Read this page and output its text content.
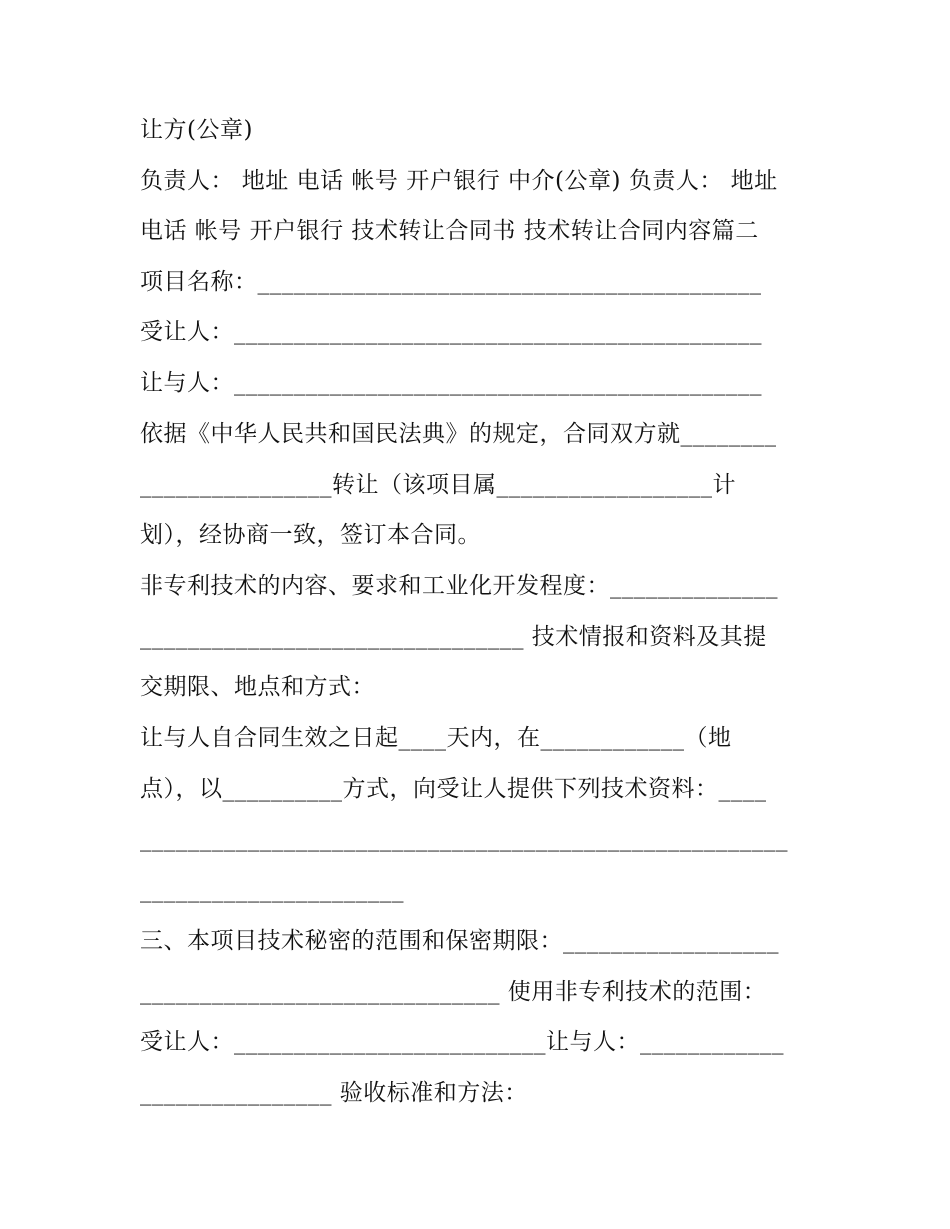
让方(公章)
负责人： 地址 电话 帐号 开户银行 中介(公章) 负责人： 地址
电话 帐号 开户银行 技术转让合同书 技术转让合同内容篇二
项目名称：__________________________________________
受让人：____________________________________________
让与人：____________________________________________
依据《中华人民共和国民法典》的规定，合同双方就________
________________转让（该项目属__________________计
划），经协商一致，签订本合同。
非专利技术的内容、要求和工业化开发程度：______________
________________________________ 技术情报和资料及其提
交期限、地点和方式：
让与人自合同生效之日起____天内，在____________（地
点），以__________方式，向受让人提供下列技术资料：____
______________________________________________________
______________________
三、本项目技术秘密的范围和保密期限：__________________
______________________________ 使用非专利技术的范围：
受让人：__________________________让与人：____________
________________ 验收标准和方法：
